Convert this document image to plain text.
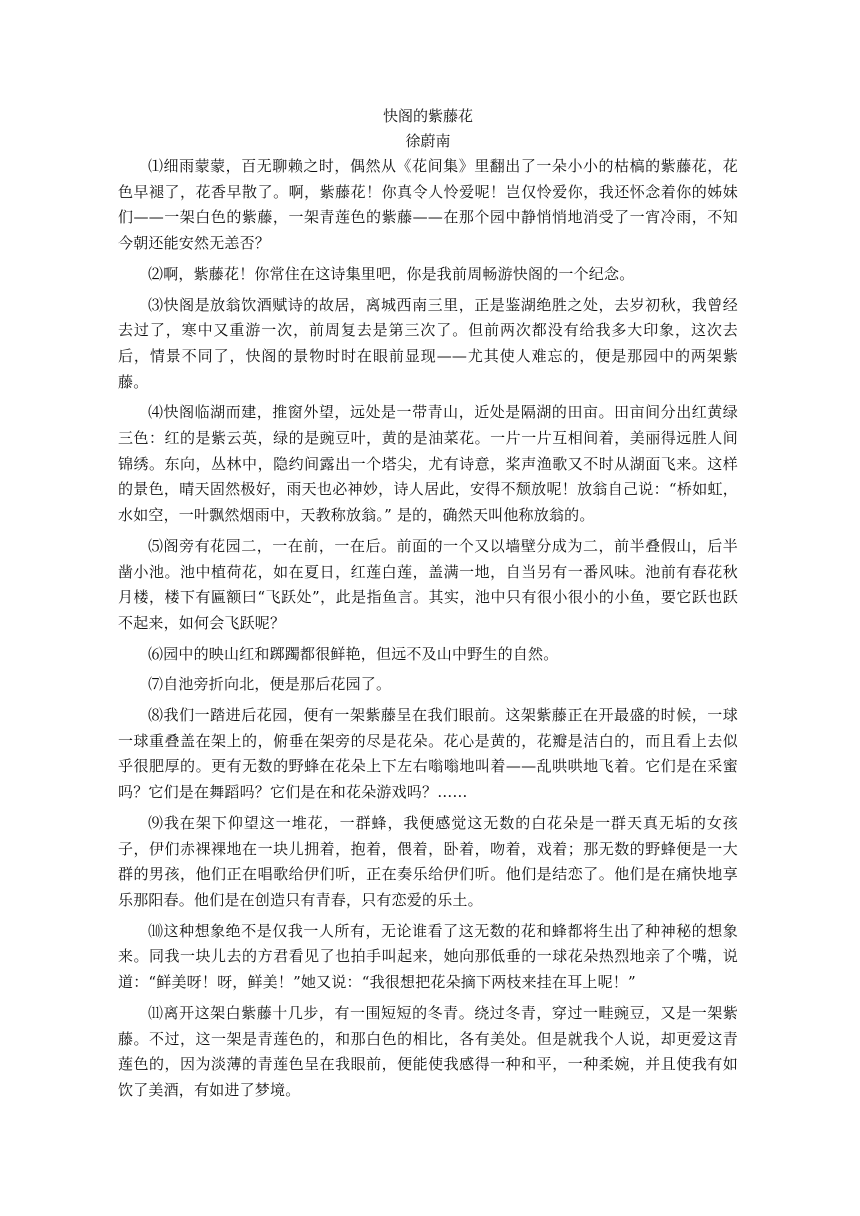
快阁的紫藤花
徐蔚南

⑴细雨蒙蒙，百无聊赖之时，偶然从《花间集》里翻出了一朵小小的枯槁的紫藤花，花色早褪了，花香早散了。啊，紫藤花！你真令人怜爱呢！岂仅怜爱你，我还怀念着你的姊妹们——一架白色的紫藤，一架青莲色的紫藤——在那个园中静悄悄地消受了一宵冷雨，不知今朝还能安然无恙否？

⑵啊，紫藤花！你常住在这诗集里吧，你是我前周畅游快阁的一个纪念。

⑶快阁是放翁饮酒赋诗的故居，离城西南三里，正是鉴湖绝胜之处，去岁初秋，我曾经去过了，寒中又重游一次，前周复去是第三次了。但前两次都没有给我多大印象，这次去后，情景不同了，快阁的景物时时在眼前显现——尤其使人难忘的，便是那园中的两架紫藤。

⑷快阁临湖而建，推窗外望，远处是一带青山，近处是隔湖的田亩。田亩间分出红黄绿三色：红的是紫云英，绿的是豌豆叶，黄的是油菜花。一片一片互相间着，美丽得远胜人间锦绣。东向，丛林中，隐约间露出一个塔尖，尤有诗意，桨声渔歌又不时从湖面飞来。这样的景色，晴天固然极好，雨天也必神妙，诗人居此，安得不颓放呢！放翁自己说：“桥如虹，水如空，一叶飘然烟雨中，天教称放翁。” 是的，确然天叫他称放翁的。

⑸阁旁有花园二，一在前，一在后。前面的一个又以墙壁分成为二，前半叠假山，后半凿小池。池中植荷花，如在夏日，红莲白莲，盖满一地，自当另有一番风味。池前有春花秋月楼，楼下有匾额曰“飞跃处”，此是指鱼言。其实，池中只有很小很小的小鱼，要它跃也跃不起来，如何会飞跃呢？

⑹园中的映山红和踯躅都很鲜艳，但远不及山中野生的自然。

⑺自池旁折向北，便是那后花园了。

⑻我们一踏进后花园，便有一架紫藤呈在我们眼前。这架紫藤正在开最盛的时候，一球一球重叠盖在架上的，俯垂在架旁的尽是花朵。花心是黄的，花瓣是洁白的，而且看上去似乎很肥厚的。更有无数的野蜂在花朵上下左右嗡嗡地叫着——乱哄哄地飞着。它们是在采蜜吗？它们是在舞蹈吗？它们是在和花朵游戏吗？……

⑼我在架下仰望这一堆花，一群蜂，我便感觉这无数的白花朵是一群天真无垢的女孩子，伊们赤裸裸地在一块儿拥着，抱着，偎着，卧着，吻着，戏着；那无数的野蜂便是一大群的男孩，他们正在唱歌给伊们听，正在奏乐给伊们听。他们是结恋了。他们是在痛快地享乐那阳春。他们是在创造只有青春，只有恋爱的乐土。

⑽这种想象绝不是仅我一人所有，无论谁看了这无数的花和蜂都将生出了种神秘的想象来。同我一块儿去的方君看见了也拍手叫起来，她向那低垂的一球花朵热烈地亲了个嘴，说道：“鲜美呀！呀，鲜美！”她又说：“我很想把花朵摘下两枝来挂在耳上呢！”

⑾离开这架白紫藤十几步，有一围短短的冬青。绕过冬青，穿过一畦豌豆，又是一架紫藤。不过，这一架是青莲色的，和那白色的相比，各有美处。但是就我个人说，却更爱这青莲色的，因为淡薄的青莲色呈在我眼前，便能使我感得一种和平，一种柔婉，并且使我有如饮了美酒，有如进了梦境。
